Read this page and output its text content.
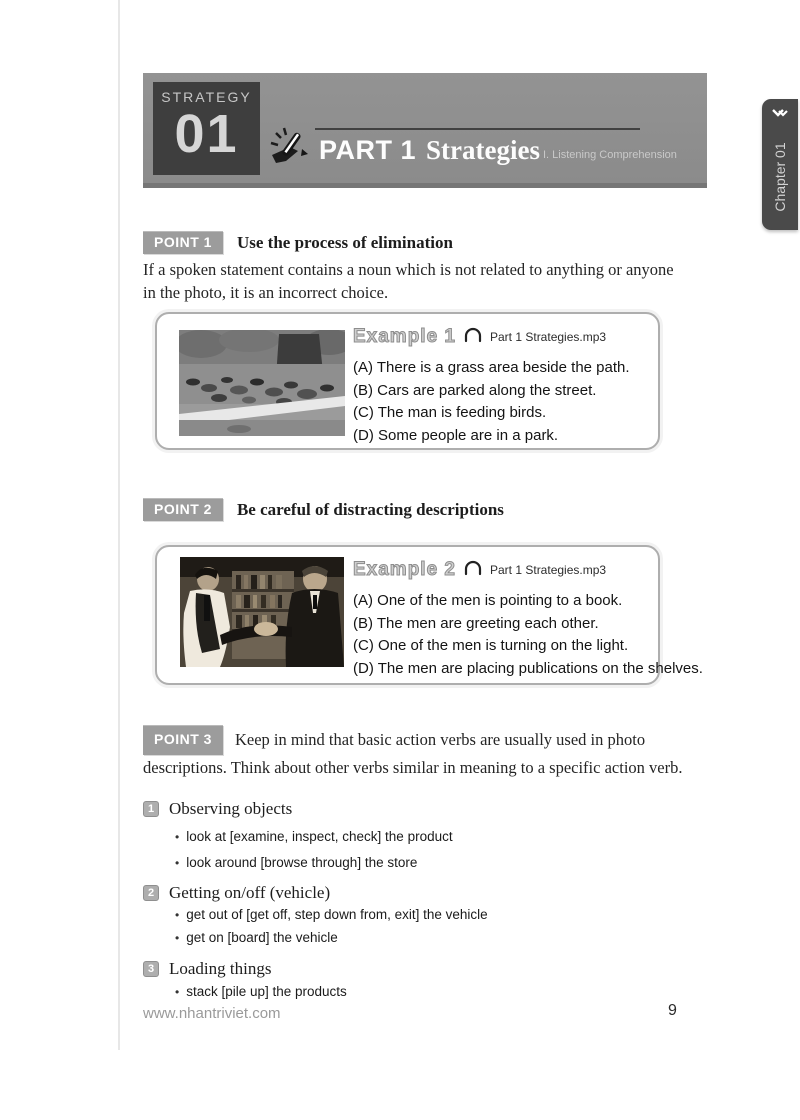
STRATEGY
01	PART 1 Strategies I. Listening Comprehension	Chapter 01
POINT 1	Use the process of elimination

If a spoken statement contains a noun which is not related to anything or anyone in the photo, it is an incorrect choice.

Example 1	Part 1 Strategies.mp3
(A) There is a grass area beside the path.
(B) Cars are parked along the street.
(C) The man is feeding birds.
(D) Some people are in a park.
POINT 2	Be careful of distracting descriptions
Example 2	Part 1 Strategies.mp3
(A) One of the men is pointing to a book.
(B) The men are greeting each other.
(C) One of the men is turning on the light.
(D) The men are placing publications on the shelves.

POINT 3 Keep in mind that basic action verbs are usually used in photo descriptions. Think about other verbs similar in meaning to a specific action verb.

1 Observing objects
• look at [examine, inspect, check] the product
• look around [browse through] the store
2 Getting on/off (vehicle)
• get out of [get off, step down from, exit] the vehicle
• get on [board] the vehicle
3 Loading things
• stack [pile up] the products
www.nhantriviet.com	9
